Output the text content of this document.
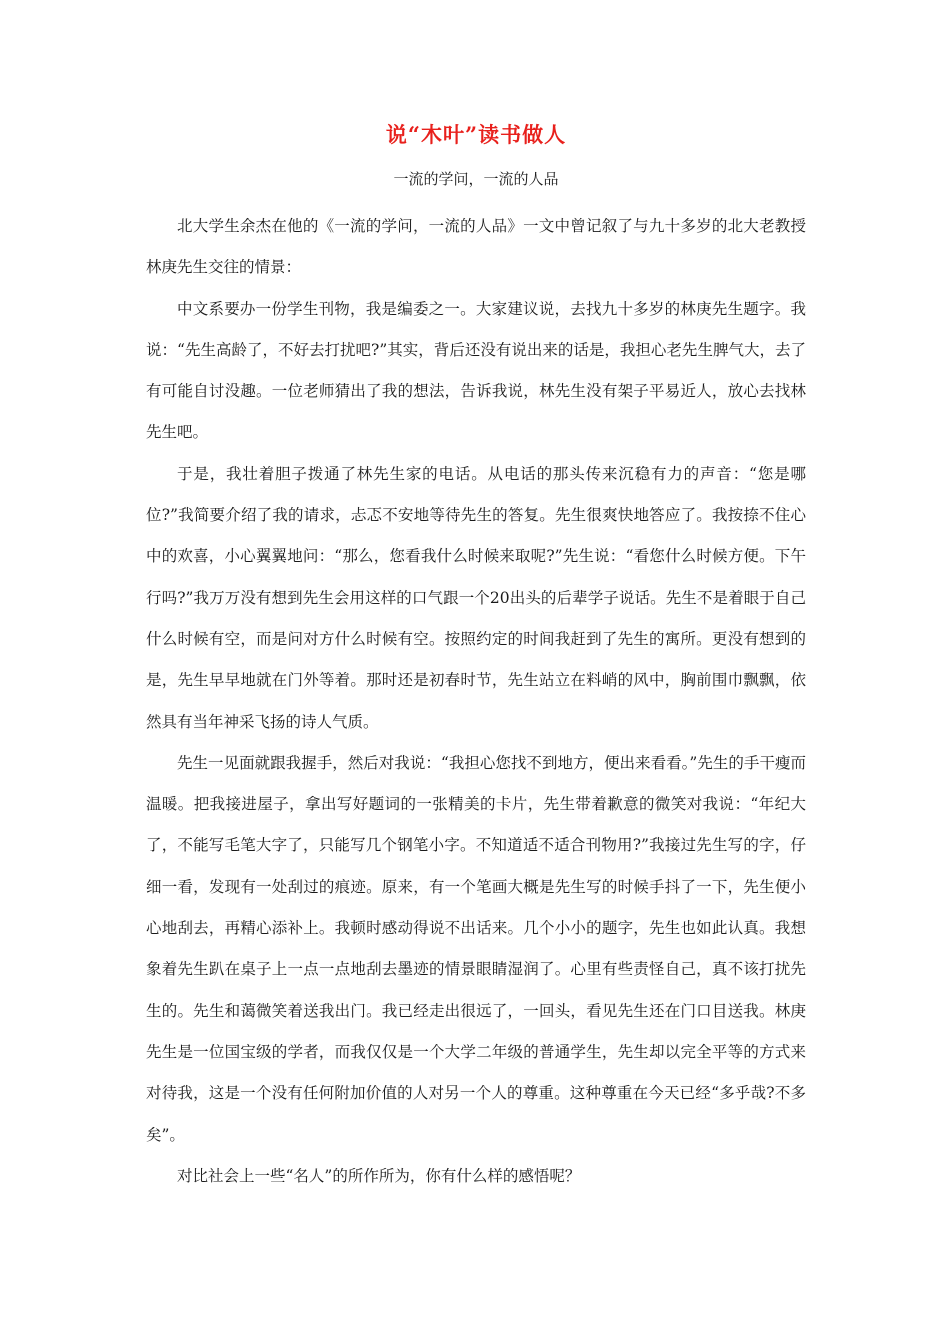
说“木叶”读书做人
一流的学问，一流的人品

北大学生余杰在他的《一流的学问，一流的人品》一文中曾记叙了与九十多岁的北大老教授林庚先生交往的情景：

中文系要办一份学生刊物，我是编委之一。大家建议说，去找九十多岁的林庚先生题字。我说：“先生高龄了，不好去打扰吧?”其实，背后还没有说出来的话是，我担心老先生脾气大，去了有可能自讨没趣。一位老师猜出了我的想法，告诉我说，林先生没有架子平易近人，放心去找林先生吧。

于是，我壮着胆子拨通了林先生家的电话。从电话的那头传来沉稳有力的声音：“您是哪位?”我简要介绍了我的请求，忐忑不安地等待先生的答复。先生很爽快地答应了。我按捺不住心中的欢喜，小心翼翼地问：“那么，您看我什么时候来取呢?”先生说：“看您什么时候方便。下午行吗?”我万万没有想到先生会用这样的口气跟一个20出头的后辈学子说话。先生不是着眼于自己什么时候有空，而是问对方什么时候有空。按照约定的时间我赶到了先生的寓所。更没有想到的是，先生早早地就在门外等着。那时还是初春时节，先生站立在料峭的风中，胸前围巾飘飘，依然具有当年神采飞扬的诗人气质。

先生一见面就跟我握手，然后对我说：“我担心您找不到地方，便出来看看。”先生的手干瘦而温暖。把我接进屋子，拿出写好题词的一张精美的卡片，先生带着歉意的微笑对我说：“年纪大了，不能写毛笔大字了，只能写几个钢笔小字。不知道适不适合刊物用?”我接过先生写的字，仔细一看，发现有一处刮过的痕迹。原来，有一个笔画大概是先生写的时候手抖了一下，先生便小心地刮去，再精心添补上。我顿时感动得说不出话来。几个小小的题字，先生也如此认真。我想象着先生趴在桌子上一点一点地刮去墨迹的情景眼睛湿润了。心里有些责怪自己，真不该打扰先生的。先生和蔼微笑着送我出门。我已经走出很远了，一回头，看见先生还在门口目送我。林庚先生是一位国宝级的学者，而我仅仅是一个大学二年级的普通学生，先生却以完全平等的方式来对待我，这是一个没有任何附加价值的人对另一个人的尊重。这种尊重在今天已经“多乎哉?不多矣”。

对比社会上一些“名人”的所作所为，你有什么样的感悟呢？
